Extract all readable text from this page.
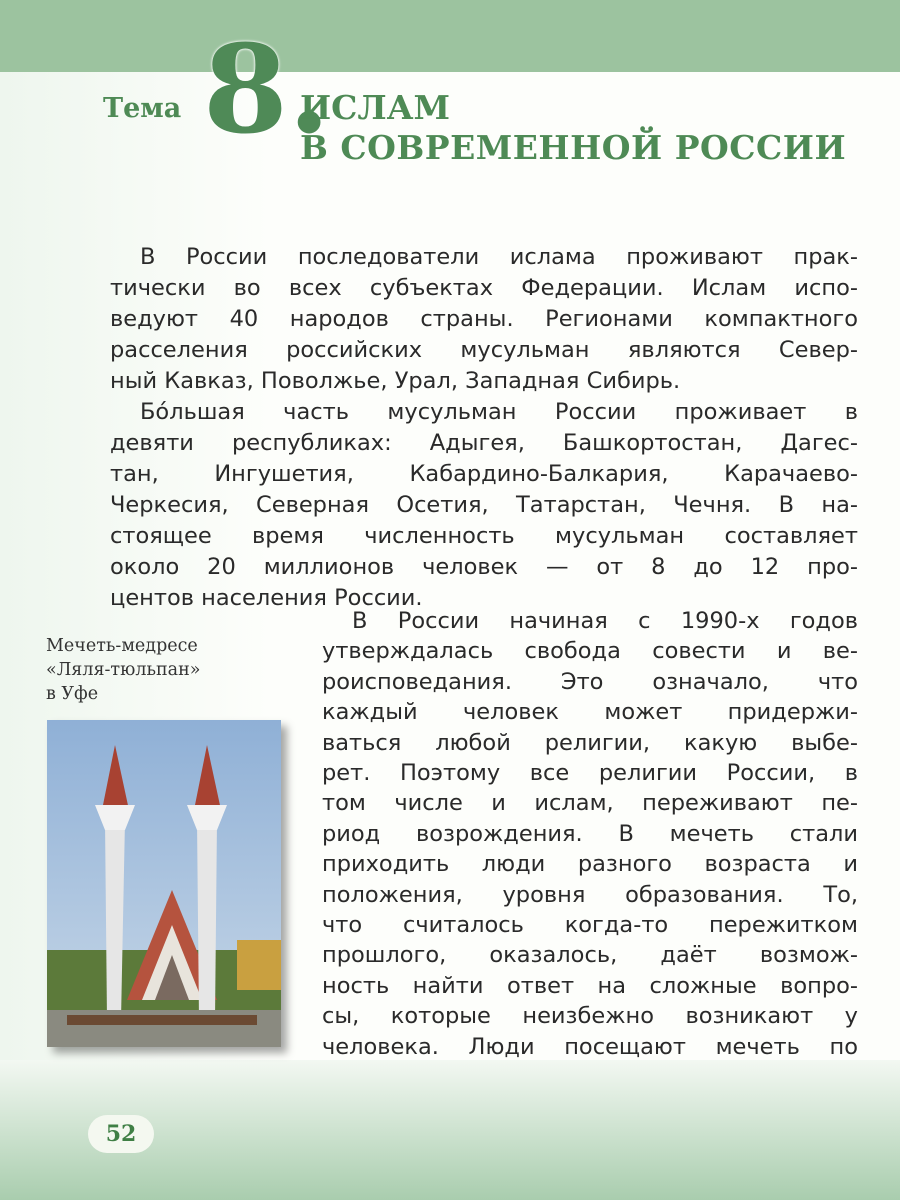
Тема 8.
ИСЛАМ
В СОВРЕМЕННОЙ РОССИИ
В России последователи ислама проживают прак-
тически во всех субъектах Федерации. Ислам испо-
ведуют 40 народов страны. Регионами компактного
расселения российских мусульман являются Север-
ный Кавказ, Поволжье, Урал, Западная Сибирь.
Бóльшая часть мусульман России проживает в
девяти республиках: Адыгея, Башкортостан, Дагес-
тан, Ингушетия, Кабардино-Балкария, Карачаево-
Черкесия, Северная Осетия, Татарстан, Чечня. В на-
стоящее время численность мусульман составляет
около 20 миллионов человек — от 8 до 12 про-
центов населения России.
В России начиная с 1990-х годов
утверждалась свобода совести и ве-
роисповедания. Это означало, что
каждый человек может придержи-
ваться любой религии, какую выбе-
рет. Поэтому все религии России, в
том числе и ислам, переживают пе-
риод возрождения. В мечеть стали
приходить люди разного возраста и
положения, уровня образования. То,
что считалось когда-то пережитком
прошлого, оказалось, даёт возмож-
ность найти ответ на сложные вопро-
сы, которые неизбежно возникают у
человека. Люди посещают мечеть по
Мечеть-медресе
«Ляля-тюльпан»
в Уфе
52
